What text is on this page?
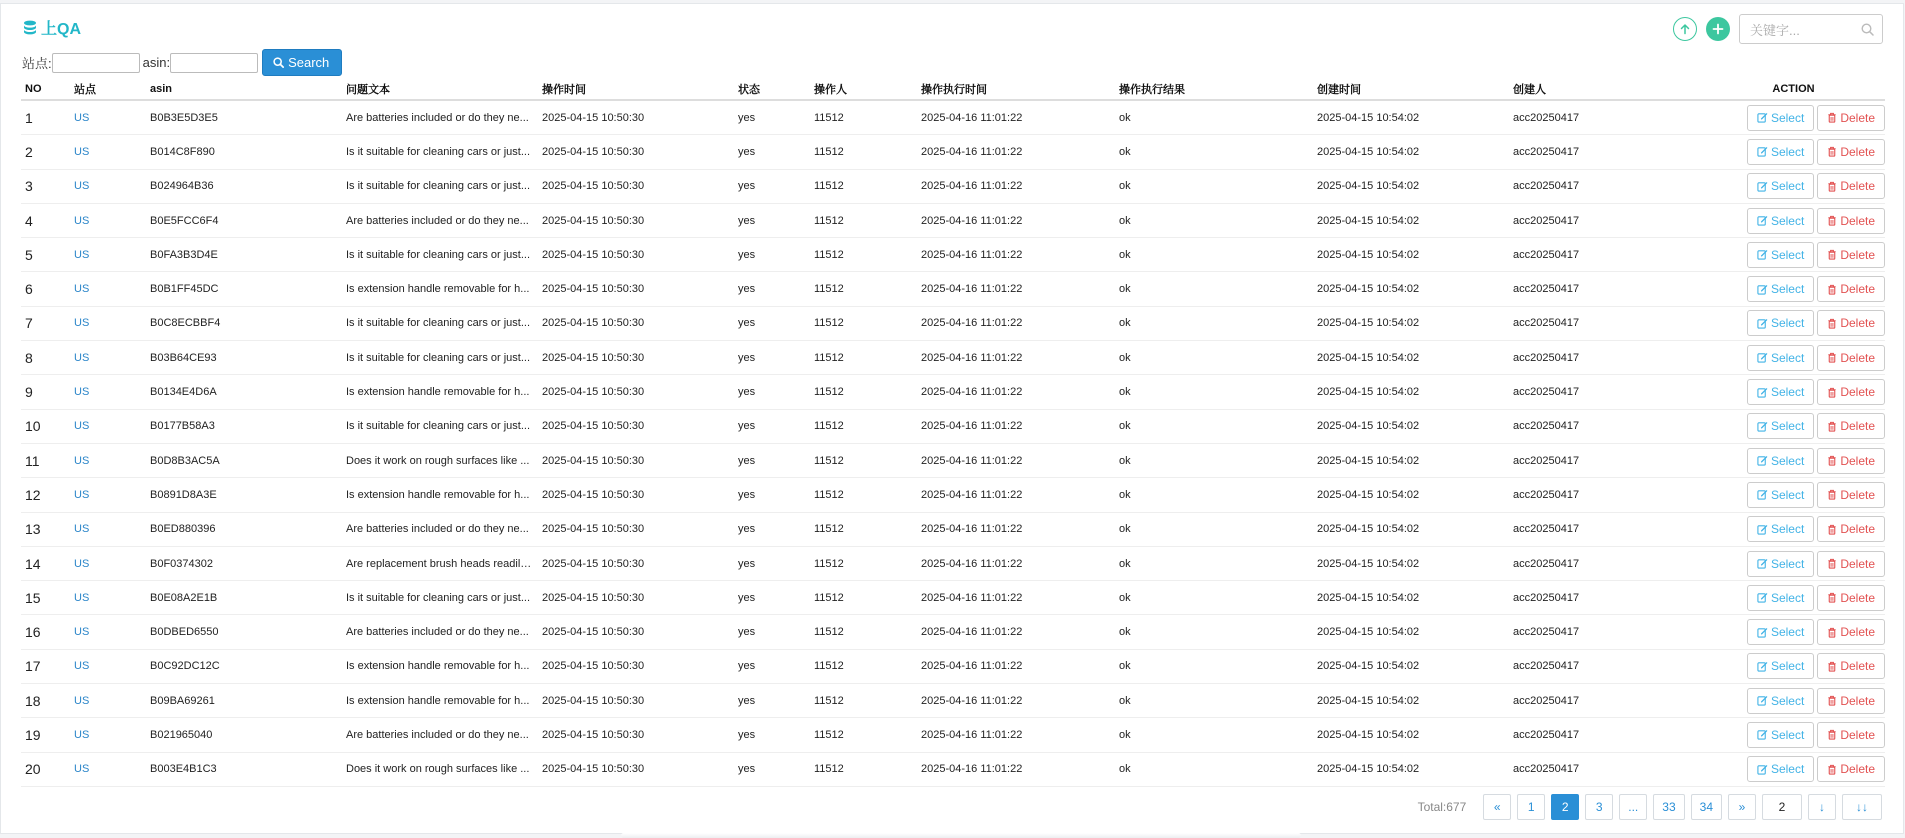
上QA
关键字...
站点:	asin:	Search
NO	站点	asin	问题文本	操作时间	状态	操作人	操作执行时间	操作执行结果	创建时间	创建人	ACTION
1	US	B0B3E5D3E5	Are batteries included or do they ne...	2025-04-15 10:50:30	yes	11512	2025-04-16 11:01:22	ok	2025-04-15 10:54:02	acc20250417	Select Delete

2	US	B014C8F890	Is it suitable for cleaning cars or just...	2025-04-15 10:50:30	yes	11512	2025-04-16 11:01:22	ok	2025-04-15 10:54:02	acc20250417	Select Delete

3	US	B024964B36	Is it suitable for cleaning cars or just...	2025-04-15 10:50:30	yes	11512	2025-04-16 11:01:22	ok	2025-04-15 10:54:02	acc20250417	Select Delete

4	US	B0E5FCC6F4	Are batteries included or do they ne...	2025-04-15 10:50:30	yes	11512	2025-04-16 11:01:22	ok	2025-04-15 10:54:02	acc20250417	Select Delete

5	US	B0FA3B3D4E	Is it suitable for cleaning cars or just...	2025-04-15 10:50:30	yes	11512	2025-04-16 11:01:22	ok	2025-04-15 10:54:02	acc20250417	Select Delete

6	US	B0B1FF45DC	Is extension handle removable for h...	2025-04-15 10:50:30	yes	11512	2025-04-16 11:01:22	ok	2025-04-15 10:54:02	acc20250417	Select Delete

7	US	B0C8ECBBF4	Is it suitable for cleaning cars or just...	2025-04-15 10:50:30	yes	11512	2025-04-16 11:01:22	ok	2025-04-15 10:54:02	acc20250417	Select Delete

8	US	B03B64CE93	Is it suitable for cleaning cars or just...	2025-04-15 10:50:30	yes	11512	2025-04-16 11:01:22	ok	2025-04-15 10:54:02	acc20250417	Select Delete

9	US	B0134E4D6A	Is extension handle removable for h...	2025-04-15 10:50:30	yes	11512	2025-04-16 11:01:22	ok	2025-04-15 10:54:02	acc20250417	Select Delete

10	US	B0177B58A3	Is it suitable for cleaning cars or just...	2025-04-15 10:50:30	yes	11512	2025-04-16 11:01:22	ok	2025-04-15 10:54:02	acc20250417	Select Delete

11	US	B0D8B3AC5A	Does it work on rough surfaces like ...	2025-04-15 10:50:30	yes	11512	2025-04-16 11:01:22	ok	2025-04-15 10:54:02	acc20250417	Select Delete

12	US	B0891D8A3E	Is extension handle removable for h...	2025-04-15 10:50:30	yes	11512	2025-04-16 11:01:22	ok	2025-04-15 10:54:02	acc20250417	Select Delete

13	US	B0ED880396	Are batteries included or do they ne...	2025-04-15 10:50:30	yes	11512	2025-04-16 11:01:22	ok	2025-04-15 10:54:02	acc20250417	Select Delete

14	US	B0F0374302	Are replacement brush heads readily...	2025-04-15 10:50:30	yes	11512	2025-04-16 11:01:22	ok	2025-04-15 10:54:02	acc20250417	Select Delete

15	US	B0E08A2E1B	Is it suitable for cleaning cars or just...	2025-04-15 10:50:30	yes	11512	2025-04-16 11:01:22	ok	2025-04-15 10:54:02	acc20250417	Select Delete

16	US	B0DBED6550	Are batteries included or do they ne...	2025-04-15 10:50:30	yes	11512	2025-04-16 11:01:22	ok	2025-04-15 10:54:02	acc20250417	Select Delete

17	US	B0C92DC12C	Is extension handle removable for h...	2025-04-15 10:50:30	yes	11512	2025-04-16 11:01:22	ok	2025-04-15 10:54:02	acc20250417	Select Delete

18	US	B09BA69261	Is extension handle removable for h...	2025-04-15 10:50:30	yes	11512	2025-04-16 11:01:22	ok	2025-04-15 10:54:02	acc20250417	Select Delete

19	US	B021965040	Are batteries included or do they ne...	2025-04-15 10:50:30	yes	11512	2025-04-16 11:01:22	ok	2025-04-15 10:54:02	acc20250417	Select Delete

20	US	B003E4B1C3	Does it work on rough surfaces like ...	2025-04-15 10:50:30	yes	11512	2025-04-16 11:01:22	ok	2025-04-15 10:54:02	acc20250417	Select Delete
Total:677	«	1	2	3	...	33	34	»	2	↓	↓↓
